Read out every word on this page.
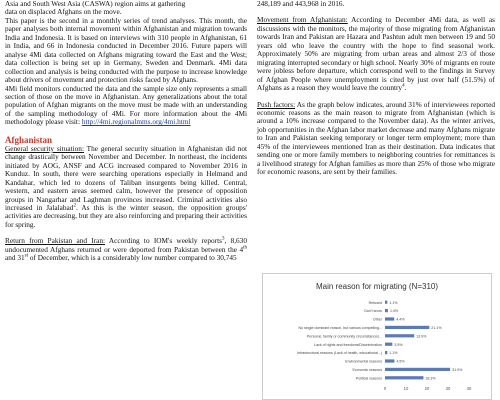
Asia and South West Asia (CASWA) region aims at gathering

data on displaced Afghans on the move.

This paper is the second in a monthly series of trend analyses. This month, the paper analyses both internal movement within Afghanistan and migration towards India and Indonesia. It is based on interviews with 310 people in Afghanistan, 61 in India, and 66 in Indonesia conducted in December 2016. Future papers will analyse 4Mi data collected on Afghans migrating toward the East and the West; data collection is being set up in Germany, Sweden and Denmark. 4Mi data collection and analysis is being conducted with the purpose to increase knowledge about drivers of movement and protection risks faced by Afghans.

4Mi field monitors conducted the data and the sample size only represents a small section of those on the move in Afghanistan. Any generalizations about the total population of Afghan migrants on the move must be made with an understanding of the sampling methodology of 4Mi. For more information about the 4Mi methodology please visit: http://4mi.regionalmms.org/4mi.html

Afghanistan

General security situation: The general security situation in Afghanistan did not change drastically between November and December. In northeast, the incidents initiated by AOG, ANSF and ACG increased compared to November 2016 in Kunduz. In south, there were searching operations especially in Helmand and Kandahar, which led to dozens of Taliban insurgents being killed. Central, western, and eastern areas seemed calm, however the presence of opposition groups in Nangarhar and Laghman provinces increased. Criminal activities also increased in Jalalabad$^2$. As this is the winter season, the opposition groups' activities are decreasing, but they are also reinforcing and preparing their activities for spring.

Return from Pakistan and Iran: According to IOM's weekly reports$^3$, 8,630 undocumented Afghans returned or were deported from Pakistan between the 4th and 31st of December, which is a considerably low number compared to 30,745

248,189 and 443,968 in 2016.

Movement from Afghanistan: According to December 4Mi data, as well as discussions with the monitors, the majority of those migrating from Afghanistan towards Iran and Pakistan are Hazara and Pashtun adult men between 19 and 50 years old who leave the country with the hope to find seasonal work. Approximately 50% are migrating from urban areas and almost 2/3 of those migrating interrupted secondary or high school. Nearly 30% of migrants en route were jobless before departure, which correspond well to the findings in Survey of Afghan People where unemployment is cited by just over half (51.5%) of Afghans as a reason they would leave the country$^4$.

Push factors: As the graph below indicates, around 31% of interviewees reported economic reasons as the main reason to migrate from Afghanistan (which is around a 10% increase compared to the November data). As the winter arrives, job opportunities in the Afghan labor market decrease and many Afghans migrate to Iran and Pakistan seeking temporary or longer term employment; more than 45% of the interviewees mentioned Iran as their destination. Data indicates that sending one or more family members to neighboring countries for remittances is a livelihood strategy for Afghan families as more than 25% of those who migrate for economic reasons, are sent by their families.

Main reason for migrating (N=310)
Refused 1.1%
Don't know 1.4%
Other	4.4%
No single dominant reason, but various compelling...	21.1%
Personal, family or community circumstances...	13.9%
Lack of rights and freedoms/Discrimination	3.5%
Infrastructural reasons (Lack of health, educational...) 1.1%
Environmental reasons	4.5%
Economic reasons	31.0%
Political reasons	18.3%
0	10	20	30	40
